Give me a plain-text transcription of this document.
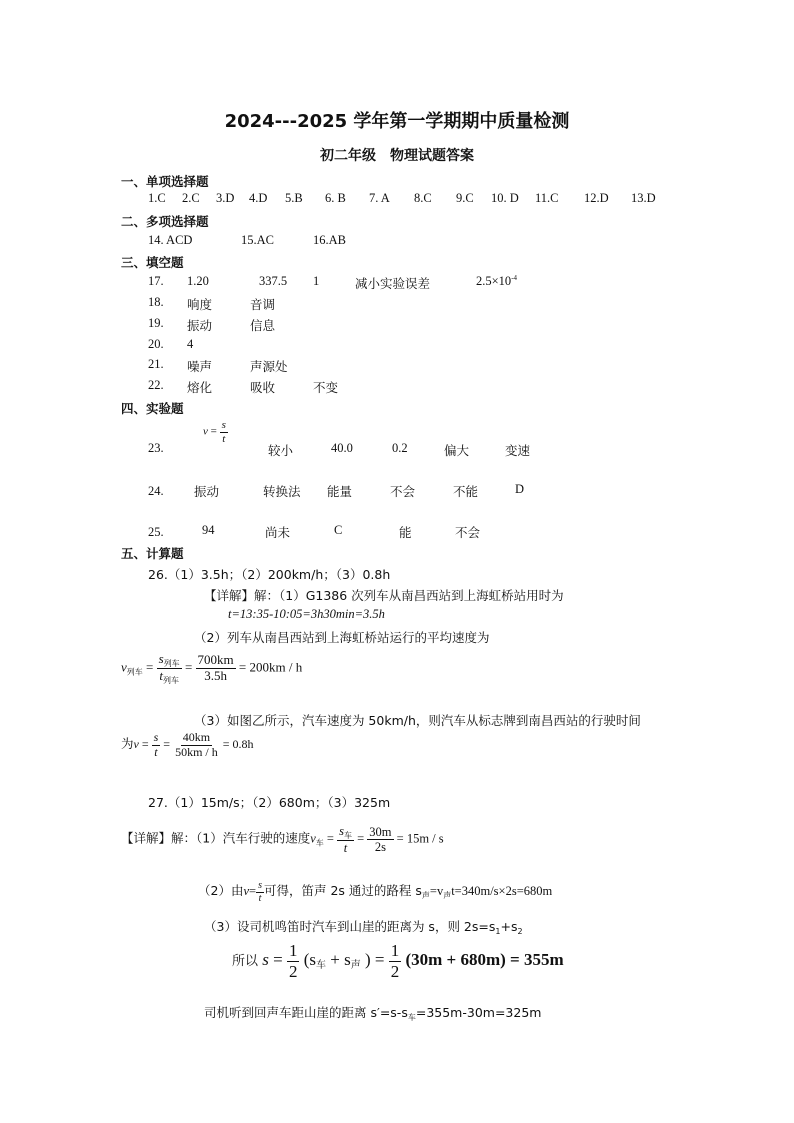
2024---2025 学年第一学期期中质量检测
初二年级　物理试题答案
一、单项选择题
1.C 2.C 3.D 4.D 5.B 6. B 7. A 8.C 9.C 10. D 11.C 12.D 13.D
二、多项选择题
14. ACD	15.AC	16.AB
三、填空题
17. 1.20	337.5 1	减小实验误差	$2.5\times 10^{-4}$
18. 响度	音调
19. 振动	信息
20. 4
21. 噪声	声源处
22. 熔化	吸收	不变
四、实验题
23.
$v = \frac{s}{t}$
较小	40.0	0.2	偏大	变速
24. 振动	转换法 能量	不会	不能	D
25.	94	尚未	C	能	不会
五、计算题
26.（1）3.5h；（2）200km/h；（3）0.8h
【详解】解：（1）G1386 次列车从南昌西站到上海虹桥站用时为
t=13:35-10:05=3h30min=3.5h
（2）列车从南昌西站到上海虹桥站运行的平均速度为
$v_{列车} = \frac{s_{列车}}{t_{列车}} = \frac{700km}{3.5h} = 200km / h$
（3）如图乙所示，汽车速度为 50km/h，则汽车从标志牌到南昌西站的行驶时间
为$v = \frac{s}{t} = \frac{40km}{50km / h} = 0.8h$
27.（1）15m/s；（2）680m；（3）325m
【详解】解：（1）汽车行驶的速度$v_车 = \frac{s_车}{t} = \frac{30m}{2s} = 15m / s$
（2）由$v= \frac{s}{t}$ 可得，笛声 2s 通过的路程 $s_声=v_声t=340m/s\times 2s=680m$
（3）设司机鸣笛时汽车到山崖的距离为 s，则 $2s=s_1+s_2$
所以 $s = \frac{1}{2} (s_车 + s_声$ ) = $\frac{1}{2} (30m + 680m) = 355m$
司机听到回声车距山崖的距离 $s'=s-s_车=355m-30m=325m$
